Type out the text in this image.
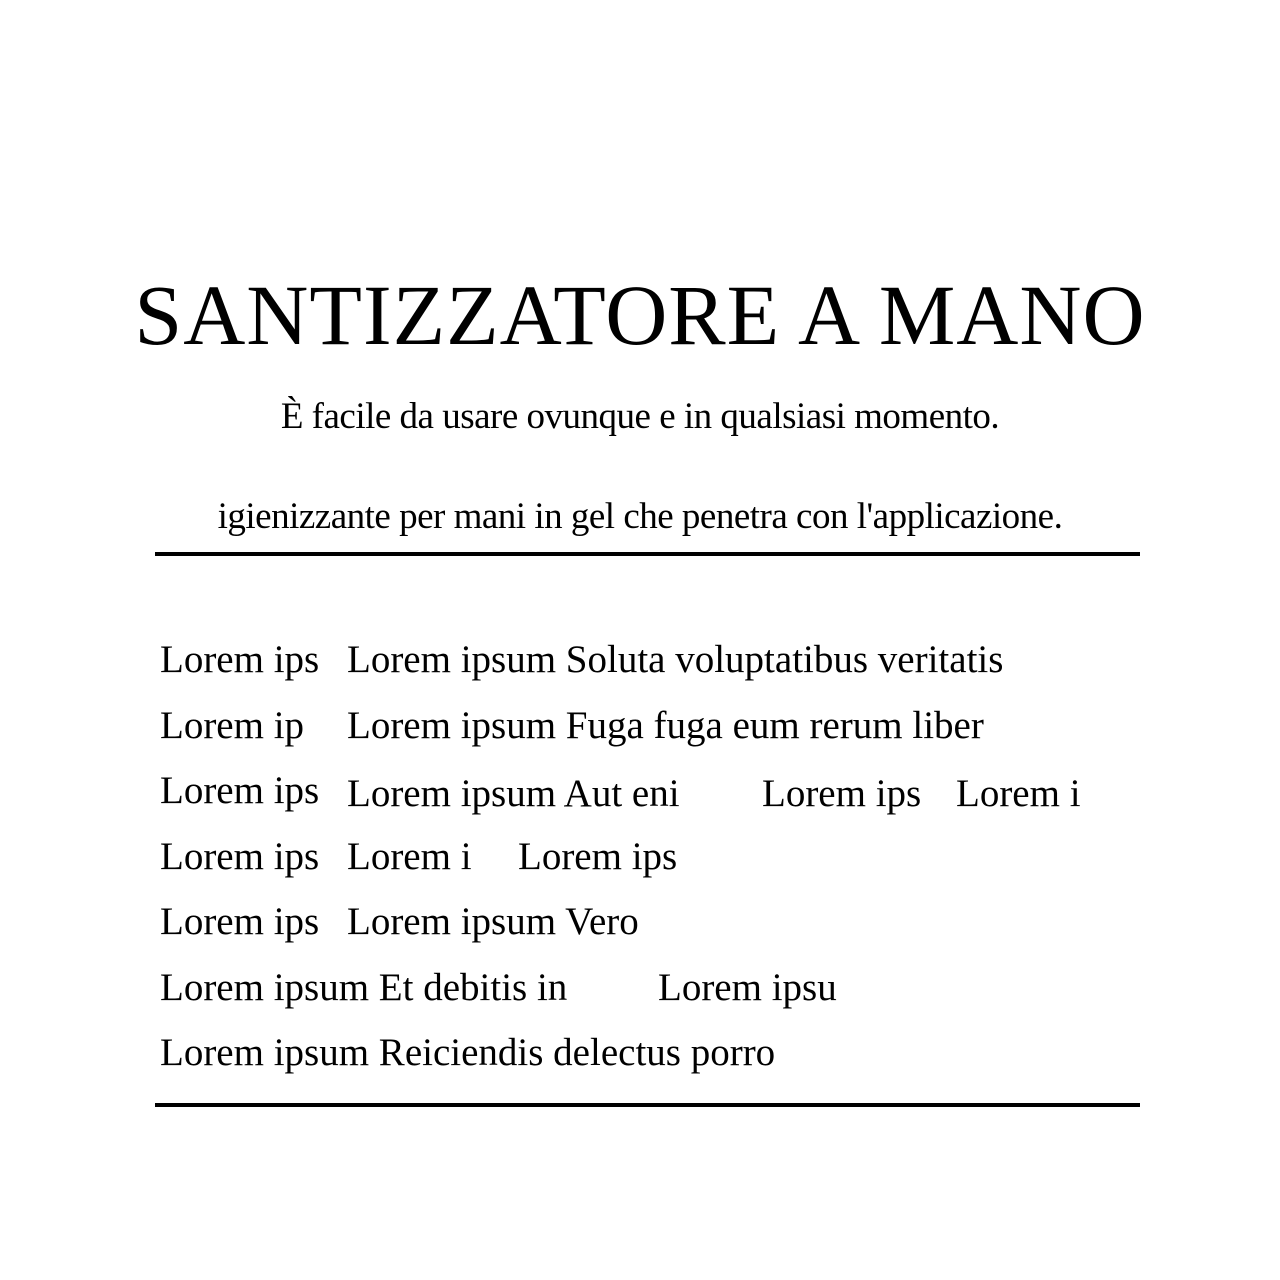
SANTIZZATORE A MANO
È facile da usare ovunque e in qualsiasi momento.
igienizzante per mani in gel che penetra con l'applicazione.
Lorem ips Lorem ipsum Soluta voluptatibus veritatis
Lorem ip Lorem ipsum Fuga fuga eum rerum liber
Lorem ips Lorem ipsum Aut eni Lorem ips Lorem i
Lorem ips Lorem i Lorem ips
Lorem ips Lorem ipsum Vero
Lorem ipsum Et debitis in Lorem ipsu
Lorem ipsum Reiciendis delectus porro
